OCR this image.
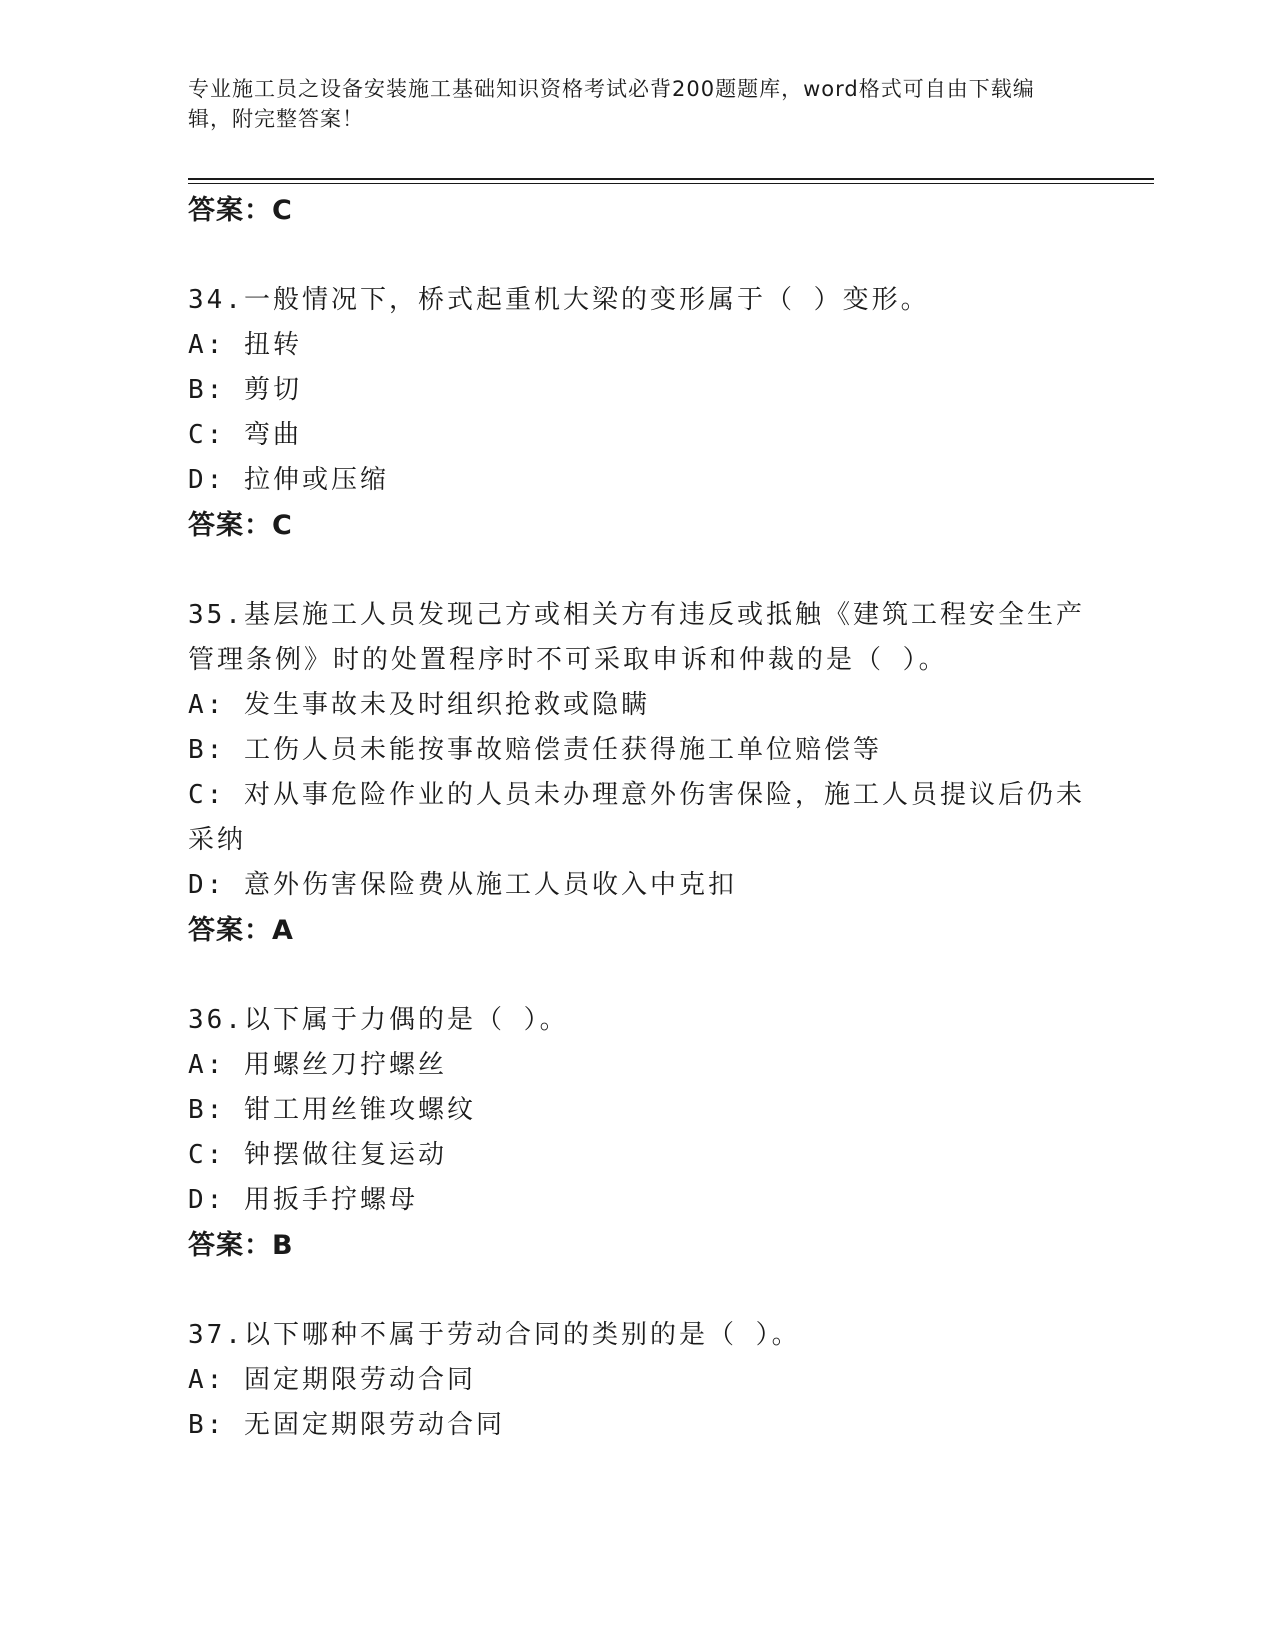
专业施工员之设备安装施工基础知识资格考试必背200题题库，word格式可自由下载编辑，附完整答案！
答案：C
34.一般情况下，桥式起重机大梁的变形属于（ ）变形。
A: 扭转
B: 剪切
C: 弯曲
D: 拉伸或压缩
答案：C
35.基层施工人员发现己方或相关方有违反或抵触《建筑工程安全生产管理条例》时的处置程序时不可采取申诉和仲裁的是（ ）。
A: 发生事故未及时组织抢救或隐瞒
B: 工伤人员未能按事故赔偿责任获得施工单位赔偿等
C: 对从事危险作业的人员未办理意外伤害保险，施工人员提议后仍未采纳
D: 意外伤害保险费从施工人员收入中克扣
答案：A
36.以下属于力偶的是（ ）。
A: 用螺丝刀拧螺丝
B: 钳工用丝锥攻螺纹
C: 钟摆做往复运动
D: 用扳手拧螺母
答案：B
37.以下哪种不属于劳动合同的类别的是（ ）。
A: 固定期限劳动合同
B: 无固定期限劳动合同
